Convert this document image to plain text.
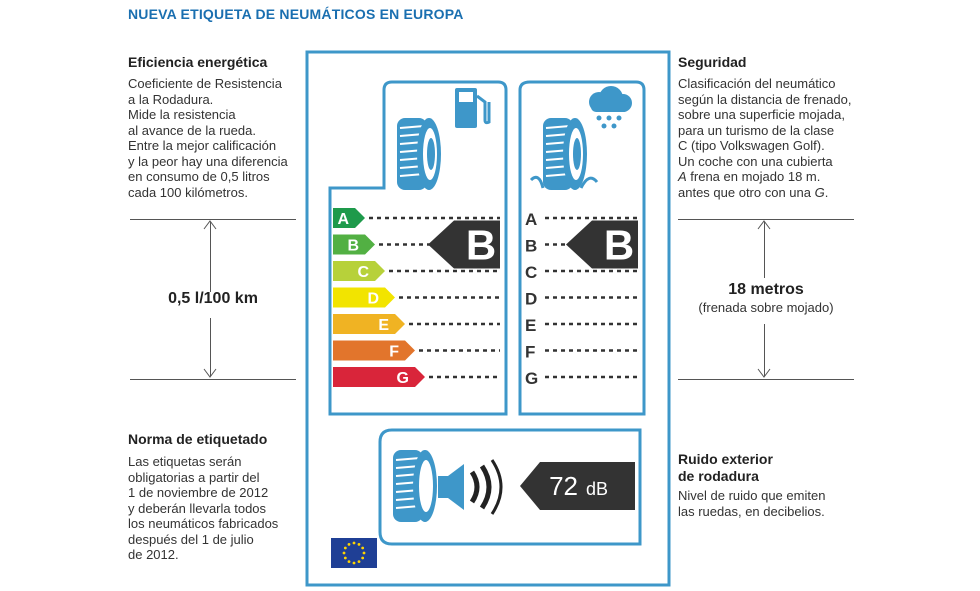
NUEVA ETIQUETA DE NEUMÁTICOS EN EUROPA
Eficiencia energética

Coeficiente de Resistencia
a la Rodadura.
Mide la resistencia
al avance de la rueda.
Entre la mejor calificación
y la peor hay una diferencia
en consumo de 0,5 litros
cada 100 kilómetros.

0,5 l/100 km
Norma de etiquetado

Las etiquetas serán
obligatorias a partir del
1 de noviembre de 2012
y deberán llevarla todos
los neumáticos fabricados
después del 1 de julio
de 2012.

Seguridad
Clasificación del neumático
según la distancia de frenado,
sobre una superficie mojada,
para un turismo de la clase
C (tipo Volkswagen Golf).
Un coche con una cubierta
A frena en mojado 18 m.
antes que otro con una G.
18 metros
(frenada sobre mojado)
Ruido exterior
de rodadura

Nivel de ruido que emiten
las ruedas, en decibelios.

A
B
C
D
E
F
G
A
B
C
D
E
F
G
B	B
72 dB
